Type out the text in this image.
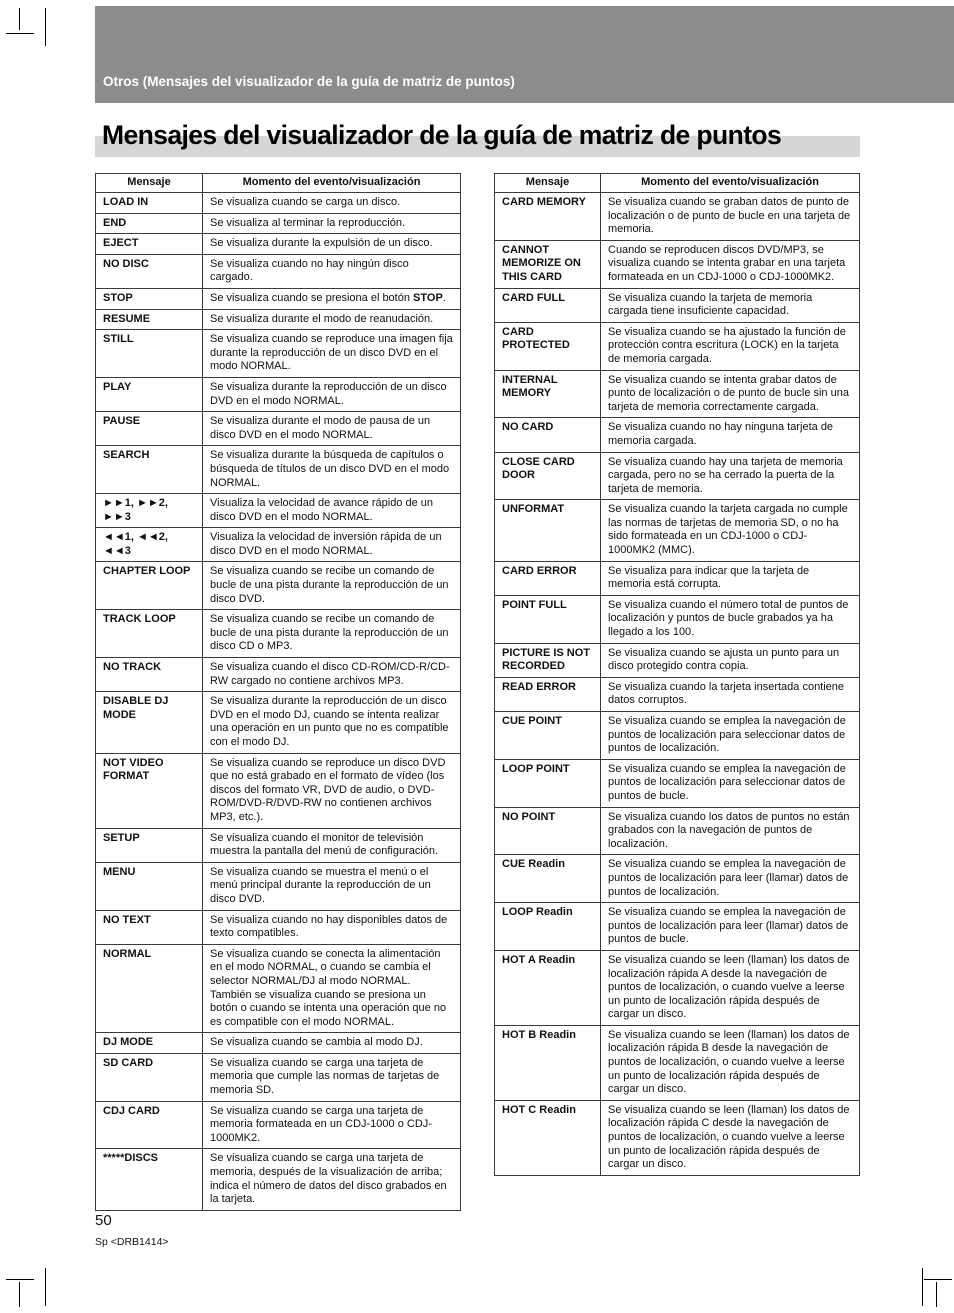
Otros (Mensajes del visualizador de la guía de matriz de puntos)
Mensajes del visualizador de la guía de matriz de puntos
Mensaje	Momento del evento/visualización
LOAD IN	Se visualiza cuando se carga un disco.
END	Se visualiza al terminar la reproducción.
EJECT	Se visualiza durante la expulsión de un disco.
NO DISC	Se visualiza cuando no hay ningún disco cargado.
STOP	Se visualiza cuando se presiona el botón STOP.
RESUME	Se visualiza durante el modo de reanudación.
STILL	Se visualiza cuando se reproduce una imagen fija durante la reproducción de un disco DVD en el modo NORMAL.
PLAY	Se visualiza durante la reproducción de un disco DVD en el modo NORMAL.
PAUSE	Se visualiza durante el modo de pausa de un disco DVD en el modo NORMAL.
SEARCH	Se visualiza durante la búsqueda de capítulos o búsqueda de títulos de un disco DVD en el modo NORMAL.
►►1, ►►2, ►►3	Visualiza la velocidad de avance rápido de un disco DVD en el modo NORMAL.
◄◄1, ◄◄2, ◄◄3	Visualiza la velocidad de inversión rápida de un disco DVD en el modo NORMAL.
CHAPTER LOOP	Se visualiza cuando se recibe un comando de bucle de una pista durante la reproducción de un disco DVD.
TRACK LOOP	Se visualiza cuando se recibe un comando de bucle de una pista durante la reproducción de un disco CD o MP3.
NO TRACK	Se visualiza cuando el disco CD-ROM/CD-R/CD-RW cargado no contiene archivos MP3.
DISABLE DJ MODE	Se visualiza durante la reproducción de un disco DVD en el modo DJ, cuando se intenta realizar una operación en un punto que no es compatible con el modo DJ.
NOT VIDEO FORMAT	Se visualiza cuando se reproduce un disco DVD que no está grabado en el formato de vídeo (los discos del formato VR, DVD de audio, o DVD-ROM/DVD-R/DVD-RW no contienen archivos MP3, etc.).
SETUP	Se visualiza cuando el monitor de televisión muestra la pantalla del menú de configuración.
MENU	Se visualiza cuando se muestra el menú o el menú principal durante la reproducción de un disco DVD.
NO TEXT	Se visualiza cuando no hay disponibles datos de texto compatibles.
NORMAL	Se visualiza cuando se conecta la alimentación en el modo NORMAL, o cuando se cambia el selector NORMAL/DJ al modo NORMAL. También se visualiza cuando se presiona un botón o cuando se intenta una operación que no es compatible con el modo NORMAL.
DJ MODE	Se visualiza cuando se cambia al modo DJ.
SD CARD	Se visualiza cuando se carga una tarjeta de memoria que cumple las normas de tarjetas de memoria SD.
CDJ CARD	Se visualiza cuando se carga una tarjeta de memoria formateada en un CDJ-1000 o CDJ-1000MK2.
*****DISCS	Se visualiza cuando se carga una tarjeta de memoria, después de la visualización de arriba; indica el número de datos del disco grabados en la tarjeta.
Mensaje	Momento del evento/visualización
CARD MEMORY	Se visualiza cuando se graban datos de punto de localización o de punto de bucle en una tarjeta de memoria.
CANNOT MEMORIZE ON THIS CARD	Cuando se reproducen discos DVD/MP3, se visualiza cuando se intenta grabar en una tarjeta formateada en un CDJ-1000 o CDJ-1000MK2.
CARD FULL	Se visualiza cuando la tarjeta de memoria cargada tiene insuficiente capacidad.
CARD PROTECTED	Se visualiza cuando se ha ajustado la función de protección contra escritura (LOCK) en la tarjeta de memoria cargada.
INTERNAL MEMORY	Se visualiza cuando se intenta grabar datos de punto de localización o de punto de bucle sin una tarjeta de memoria correctamente cargada.
NO CARD	Se visualiza cuando no hay ninguna tarjeta de memoria cargada.
CLOSE CARD DOOR	Se visualiza cuando hay una tarjeta de memoria cargada, pero no se ha cerrado la puerta de la tarjeta de memoria.
UNFORMAT	Se visualiza cuando la tarjeta cargada no cumple las normas de tarjetas de memoria SD, o no ha sido formateada en un CDJ-1000 o CDJ-1000MK2 (MMC).
CARD ERROR	Se visualiza para indicar que la tarjeta de memoria está corrupta.
POINT FULL	Se visualiza cuando el número total de puntos de localización y puntos de bucle grabados ya ha llegado a los 100.
PICTURE IS NOT RECORDED	Se visualiza cuando se ajusta un punto para un disco protegido contra copia.
READ ERROR	Se visualiza cuando la tarjeta insertada contiene datos corruptos.
CUE POINT	Se visualiza cuando se emplea la navegación de puntos de localización para seleccionar datos de puntos de localización.
LOOP POINT	Se visualiza cuando se emplea la navegación de puntos de localización para seleccionar datos de puntos de bucle.
NO POINT	Se visualiza cuando los datos de puntos no están grabados con la navegación de puntos de localización.
CUE Readin	Se visualiza cuando se emplea la navegación de puntos de localización para leer (llamar) datos de puntos de localización.
LOOP Readin	Se visualiza cuando se emplea la navegación de puntos de localización para leer (llamar) datos de puntos de bucle.
HOT A Readin	Se visualiza cuando se leen (llaman) los datos de localización rápida A desde la navegación de puntos de localización, o cuando vuelve a leerse un punto de localización rápida después de cargar un disco.
HOT B Readin	Se visualiza cuando se leen (llaman) los datos de localización rápida B desde la navegación de puntos de localización, o cuando vuelve a leerse un punto de localización rápida después de cargar un disco.
HOT C Readin	Se visualiza cuando se leen (llaman) los datos de localización rápida C desde la navegación de puntos de localización, o cuando vuelve a leerse un punto de localización rápida después de cargar un disco.
50
Sp <DRB1414>
